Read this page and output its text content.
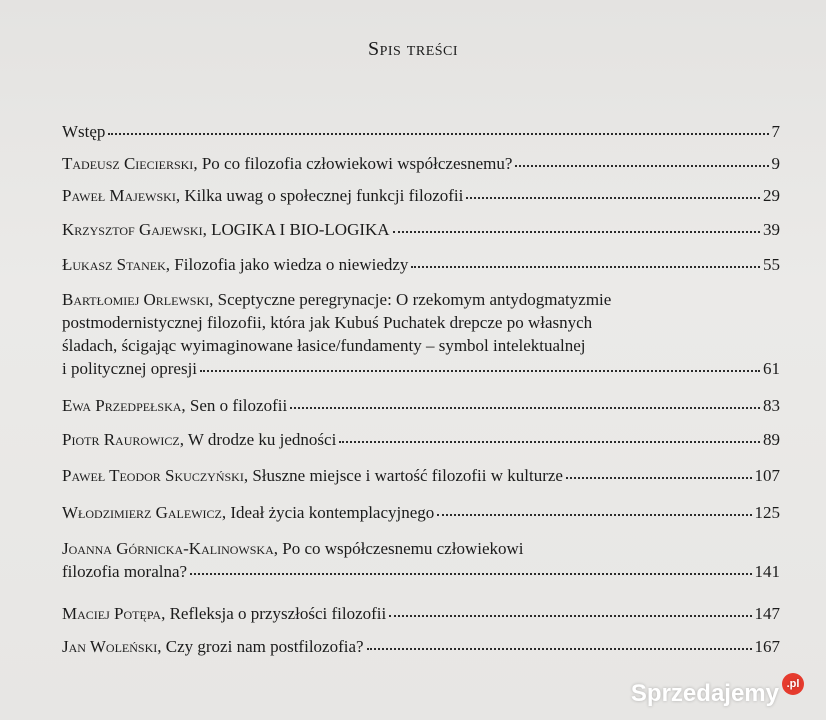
Spis treści
Wstęp	7
Tadeusz Ciecierski , Po co filozofia człowiekowi współczesnemu?	9
Paweł Majewski , Kilka uwag o społecznej funkcji filozofii	29
Krzysztof Gajewski , LOGIKA I BIO-LOGIKA	39
Łukasz Stanek , Filozofia jako wiedza o niewiedzy	55
Bartłomiej Orlewski, Sceptyczne peregrynacje: O rzekomym antydogmatyzmie
postmodernistycznej filozofii, która jak Kubuś Puchatek drepcze po własnych
śladach, ścigając wyimaginowane łasice/fundamenty – symbol intelektualnej
i politycznej opresji	61
Ewa Przedpełska , Sen o filozofii	83
Piotr Raurowicz , W drodze ku jedności	89
Paweł Teodor Skuczyński , Słuszne miejsce i wartość filozofii w kulturze	107
Włodzimierz Galewicz , Ideał życia kontemplacyjnego	125
Joanna Górnicka-Kalinowska, Po co współczesnemu człowiekowi
filozofia moralna?	141
Maciej Potępa , Refleksja o przyszłości filozofii	147
Jan Woleński , Czy grozi nam postfilozofia?	167
Sprzedajemy .pl
